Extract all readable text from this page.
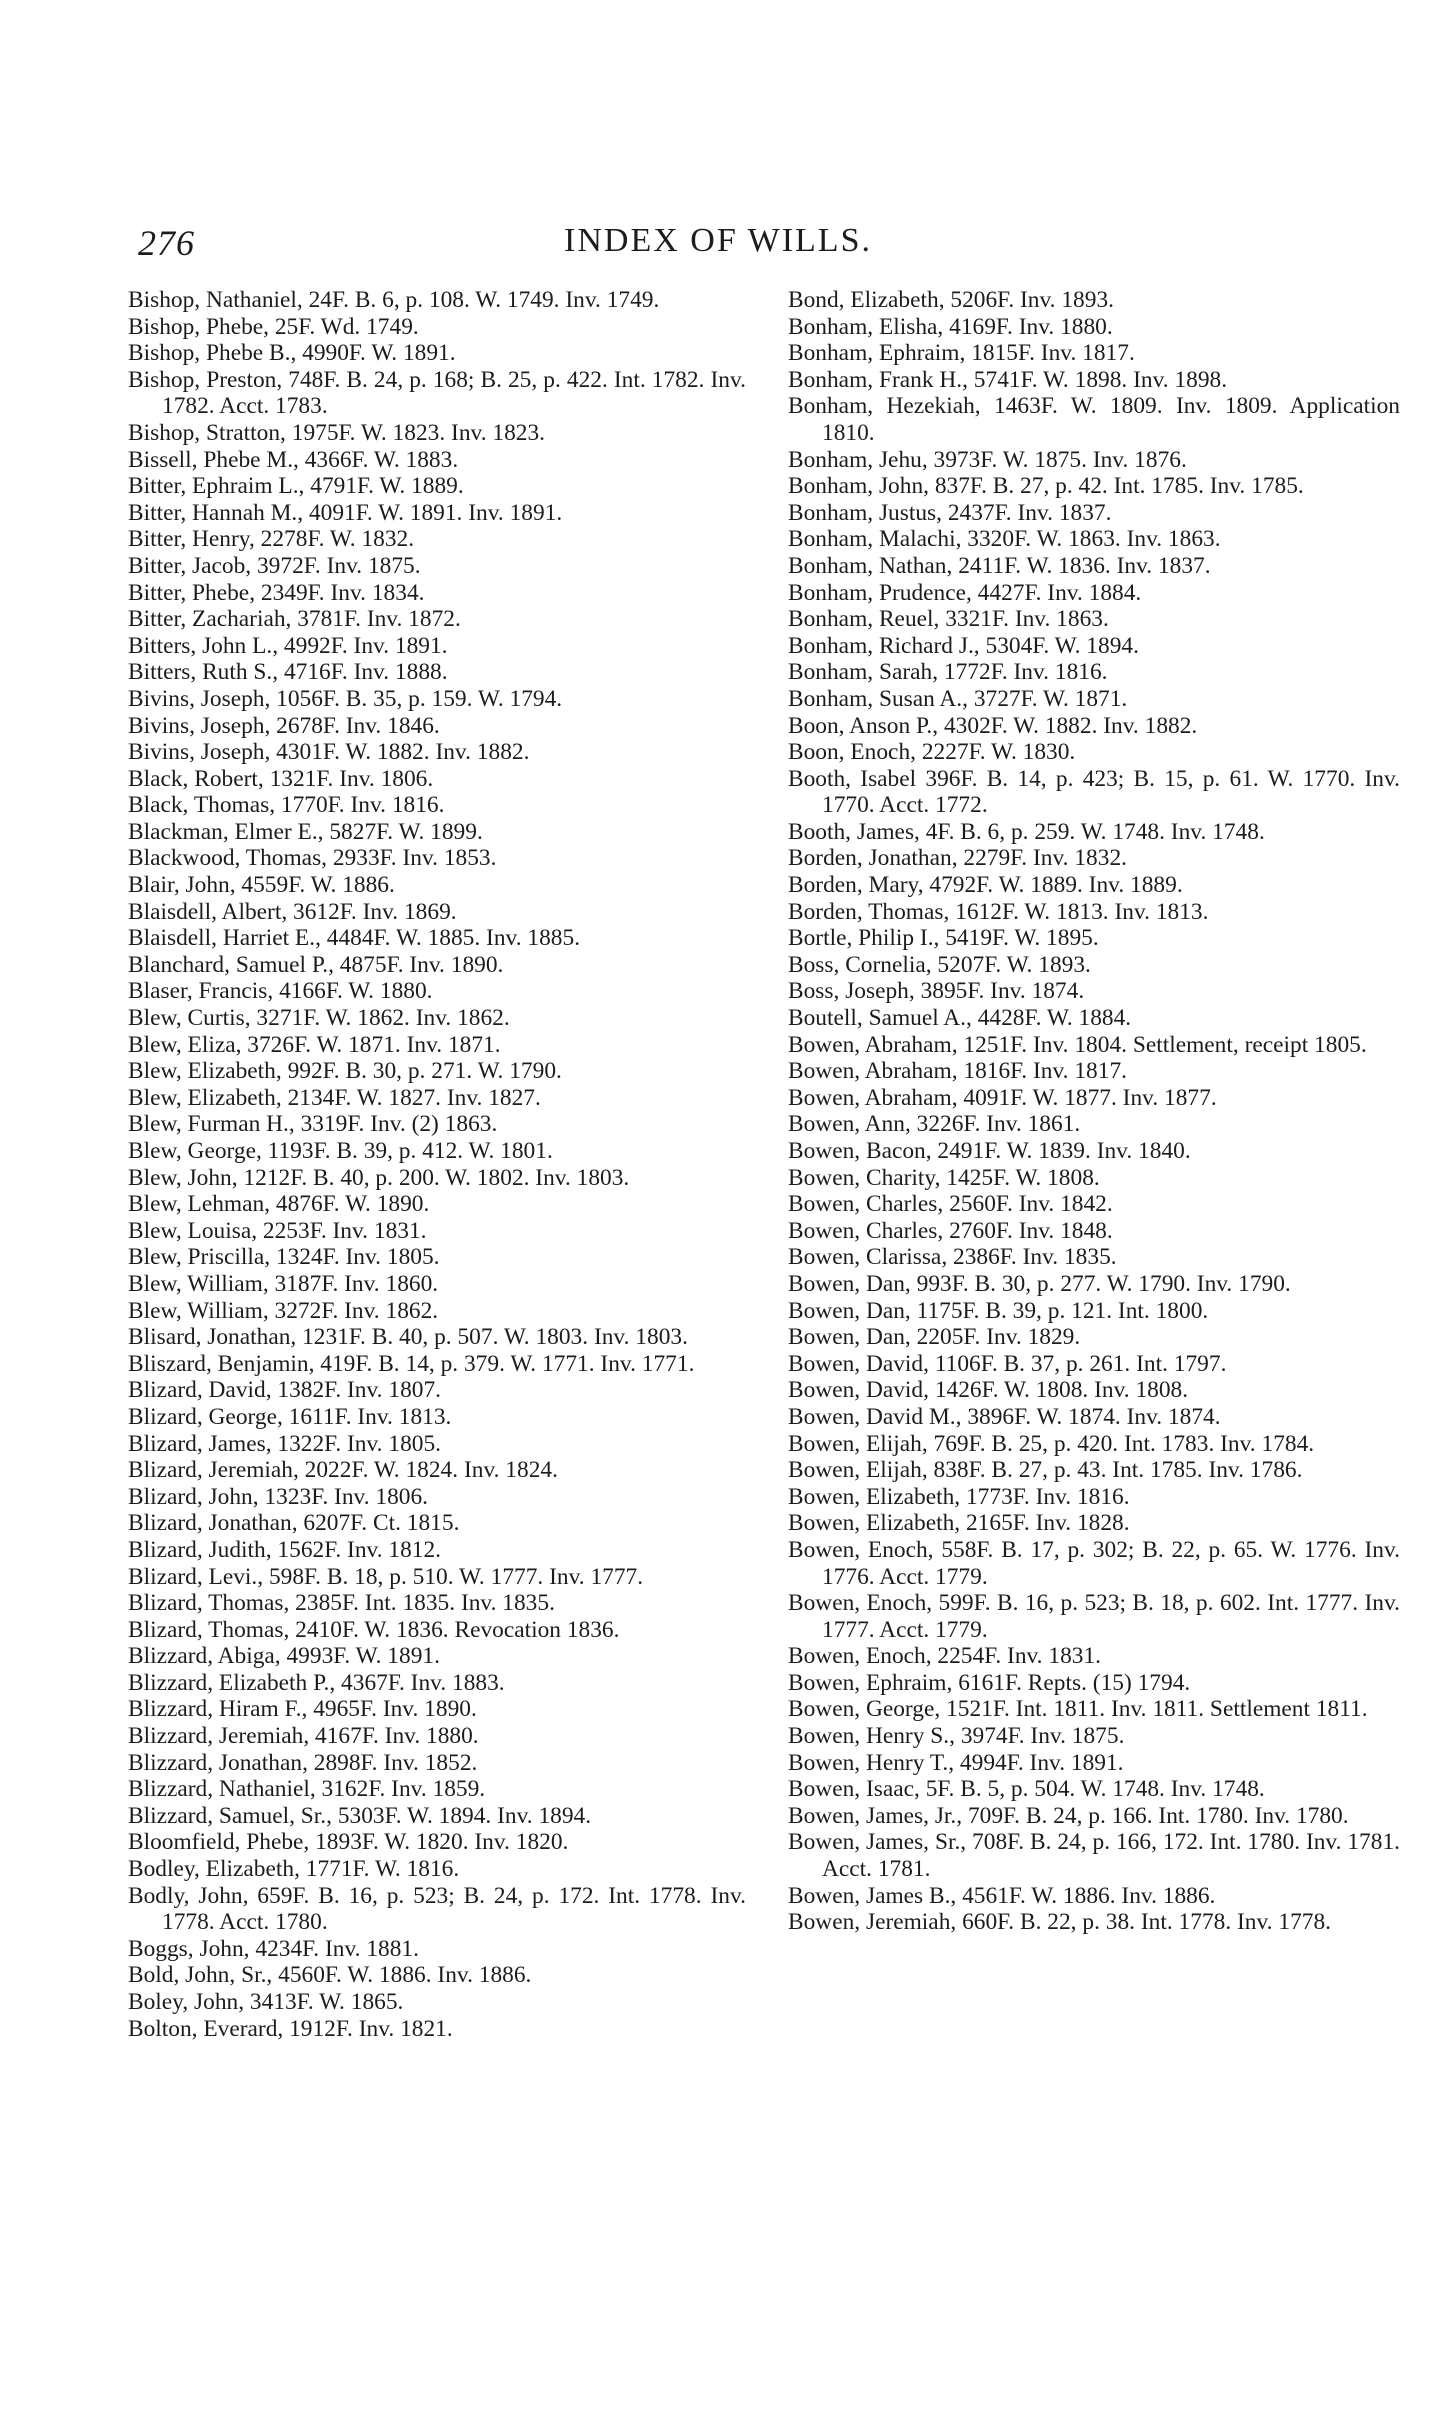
276	INDEX OF WILLS.
Bishop, Nathaniel, 24F. B. 6, p. 108. W. 1749. Inv. 1749.
Bishop, Phebe, 25F. Wd. 1749.
Bishop, Phebe B., 4990F. W. 1891.
Bishop, Preston, 748F. B. 24, p. 168; B. 25, p. 422. Int. 1782. Inv. 1782. Acct. 1783.
Bishop, Stratton, 1975F. W. 1823. Inv. 1823.
Bissell, Phebe M., 4366F. W. 1883.
Bitter, Ephraim L., 4791F. W. 1889.
Bitter, Hannah M., 4091F. W. 1891. Inv. 1891.
Bitter, Henry, 2278F. W. 1832.
Bitter, Jacob, 3972F. Inv. 1875.
Bitter, Phebe, 2349F. Inv. 1834.
Bitter, Zachariah, 3781F. Inv. 1872.
Bitters, John L., 4992F. Inv. 1891.
Bitters, Ruth S., 4716F. Inv. 1888.
Bivins, Joseph, 1056F. B. 35, p. 159. W. 1794.
Bivins, Joseph, 2678F. Inv. 1846.
Bivins, Joseph, 4301F. W. 1882. Inv. 1882.
Black, Robert, 1321F. Inv. 1806.
Black, Thomas, 1770F. Inv. 1816.
Blackman, Elmer E., 5827F. W. 1899.
Blackwood, Thomas, 2933F. Inv. 1853.
Blair, John, 4559F. W. 1886.
Blaisdell, Albert, 3612F. Inv. 1869.
Blaisdell, Harriet E., 4484F. W. 1885. Inv. 1885.
Blanchard, Samuel P., 4875F. Inv. 1890.
Blaser, Francis, 4166F. W. 1880.
Blew, Curtis, 3271F. W. 1862. Inv. 1862.
Blew, Eliza, 3726F. W. 1871. Inv. 1871.
Blew, Elizabeth, 992F. B. 30, p. 271. W. 1790.
Blew, Elizabeth, 2134F. W. 1827. Inv. 1827.
Blew, Furman H., 3319F. Inv. (2) 1863.
Blew, George, 1193F. B. 39, p. 412. W. 1801.
Blew, John, 1212F. B. 40, p. 200. W. 1802. Inv. 1803.
Blew, Lehman, 4876F. W. 1890.
Blew, Louisa, 2253F. Inv. 1831.
Blew, Priscilla, 1324F. Inv. 1805.
Blew, William, 3187F. Inv. 1860.
Blew, William, 3272F. Inv. 1862.
Blisard, Jonathan, 1231F. B. 40, p. 507. W. 1803. Inv. 1803.
Bliszard, Benjamin, 419F. B. 14, p. 379. W. 1771. Inv. 1771.
Blizard, David, 1382F. Inv. 1807.
Blizard, George, 1611F. Inv. 1813.
Blizard, James, 1322F. Inv. 1805.
Blizard, Jeremiah, 2022F. W. 1824. Inv. 1824.
Blizard, John, 1323F. Inv. 1806.
Blizard, Jonathan, 6207F. Ct. 1815.
Blizard, Judith, 1562F. Inv. 1812.
Blizard, Levi., 598F. B. 18, p. 510. W. 1777. Inv. 1777.
Blizard, Thomas, 2385F. Int. 1835. Inv. 1835.
Blizard, Thomas, 2410F. W. 1836. Revocation 1836.
Blizzard, Abiga, 4993F. W. 1891.
Blizzard, Elizabeth P., 4367F. Inv. 1883.
Blizzard, Hiram F., 4965F. Inv. 1890.
Blizzard, Jeremiah, 4167F. Inv. 1880.
Blizzard, Jonathan, 2898F. Inv. 1852.
Blizzard, Nathaniel, 3162F. Inv. 1859.
Blizzard, Samuel, Sr., 5303F. W. 1894. Inv. 1894.
Bloomfield, Phebe, 1893F. W. 1820. Inv. 1820.
Bodley, Elizabeth, 1771F. W. 1816.
Bodly, John, 659F. B. 16, p. 523; B. 24, p. 172. Int. 1778. Inv. 1778. Acct. 1780.
Boggs, John, 4234F. Inv. 1881.
Bold, John, Sr., 4560F. W. 1886. Inv. 1886.
Boley, John, 3413F. W. 1865.
Bolton, Everard, 1912F. Inv. 1821.
Bond, Elizabeth, 5206F. Inv. 1893.
Bonham, Elisha, 4169F. Inv. 1880.
Bonham, Ephraim, 1815F. Inv. 1817.
Bonham, Frank H., 5741F. W. 1898. Inv. 1898.
Bonham, Hezekiah, 1463F. W. 1809. Inv. 1809. Application 1810.
Bonham, Jehu, 3973F. W. 1875. Inv. 1876.
Bonham, John, 837F. B. 27, p. 42. Int. 1785. Inv. 1785.
Bonham, Justus, 2437F. Inv. 1837.
Bonham, Malachi, 3320F. W. 1863. Inv. 1863.
Bonham, Nathan, 2411F. W. 1836. Inv. 1837.
Bonham, Prudence, 4427F. Inv. 1884.
Bonham, Reuel, 3321F. Inv. 1863.
Bonham, Richard J., 5304F. W. 1894.
Bonham, Sarah, 1772F. Inv. 1816.
Bonham, Susan A., 3727F. W. 1871.
Boon, Anson P., 4302F. W. 1882. Inv. 1882.
Boon, Enoch, 2227F. W. 1830.
Booth, Isabel 396F. B. 14, p. 423; B. 15, p. 61. W. 1770. Inv. 1770. Acct. 1772.
Booth, James, 4F. B. 6, p. 259. W. 1748. Inv. 1748.
Borden, Jonathan, 2279F. Inv. 1832.
Borden, Mary, 4792F. W. 1889. Inv. 1889.
Borden, Thomas, 1612F. W. 1813. Inv. 1813.
Bortle, Philip I., 5419F. W. 1895.
Boss, Cornelia, 5207F. W. 1893.
Boss, Joseph, 3895F. Inv. 1874.
Boutell, Samuel A., 4428F. W. 1884.
Bowen, Abraham, 1251F. Inv. 1804. Settlement, receipt 1805.
Bowen, Abraham, 1816F. Inv. 1817.
Bowen, Abraham, 4091F. W. 1877. Inv. 1877.
Bowen, Ann, 3226F. Inv. 1861.
Bowen, Bacon, 2491F. W. 1839. Inv. 1840.
Bowen, Charity, 1425F. W. 1808.
Bowen, Charles, 2560F. Inv. 1842.
Bowen, Charles, 2760F. Inv. 1848.
Bowen, Clarissa, 2386F. Inv. 1835.
Bowen, Dan, 993F. B. 30, p. 277. W. 1790. Inv. 1790.
Bowen, Dan, 1175F. B. 39, p. 121. Int. 1800.
Bowen, Dan, 2205F. Inv. 1829.
Bowen, David, 1106F. B. 37, p. 261. Int. 1797.
Bowen, David, 1426F. W. 1808. Inv. 1808.
Bowen, David M., 3896F. W. 1874. Inv. 1874.
Bowen, Elijah, 769F. B. 25, p. 420. Int. 1783. Inv. 1784.
Bowen, Elijah, 838F. B. 27, p. 43. Int. 1785. Inv. 1786.
Bowen, Elizabeth, 1773F. Inv. 1816.
Bowen, Elizabeth, 2165F. Inv. 1828.
Bowen, Enoch, 558F. B. 17, p. 302; B. 22, p. 65. W. 1776. Inv. 1776. Acct. 1779.
Bowen, Enoch, 599F. B. 16, p. 523; B. 18, p. 602. Int. 1777. Inv. 1777. Acct. 1779.
Bowen, Enoch, 2254F. Inv. 1831.
Bowen, Ephraim, 6161F. Repts. (15) 1794.
Bowen, George, 1521F. Int. 1811. Inv. 1811. Settlement 1811.
Bowen, Henry S., 3974F. Inv. 1875.
Bowen, Henry T., 4994F. Inv. 1891.
Bowen, Isaac, 5F. B. 5, p. 504. W. 1748. Inv. 1748.
Bowen, James, Jr., 709F. B. 24, p. 166. Int. 1780. Inv. 1780.
Bowen, James, Sr., 708F. B. 24, p. 166, 172. Int. 1780. Inv. 1781. Acct. 1781.
Bowen, James B., 4561F. W. 1886. Inv. 1886.
Bowen, Jeremiah, 660F. B. 22, p. 38. Int. 1778. Inv. 1778.
